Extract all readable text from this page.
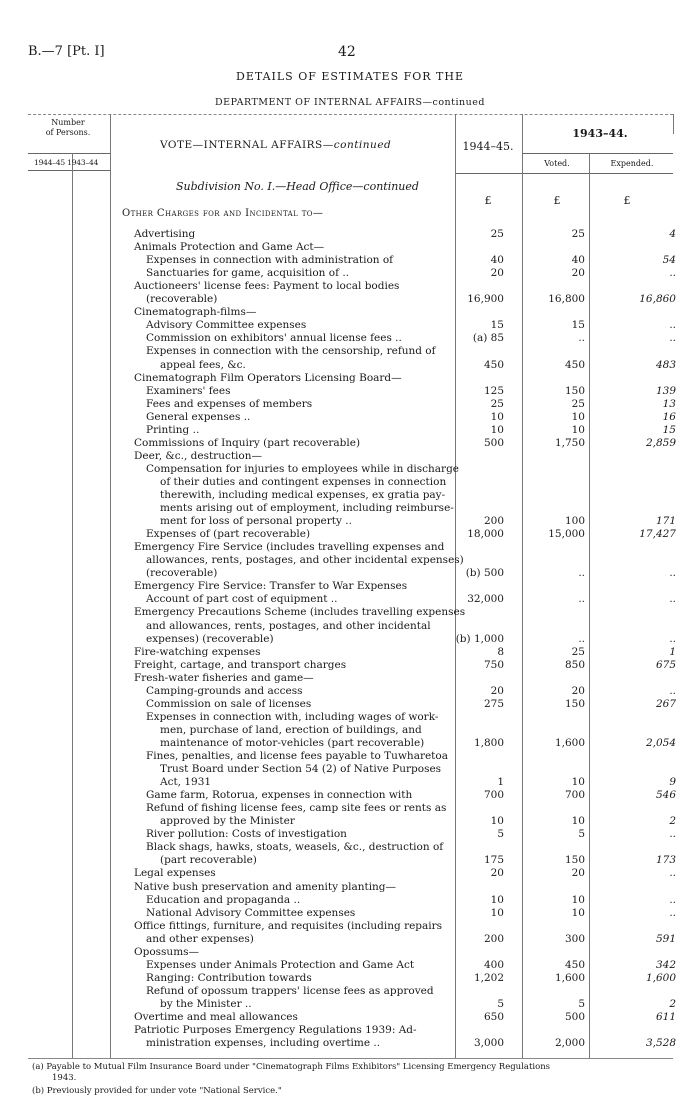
B.—7 [Pt. I]	42
DETAILS OF ESTIMATES FOR THE
DEPARTMENT OF INTERNAL AFFAIRS—continued
Number
of Persons.
1944–45 1943–44
VOTE—INTERNAL AFFAIRS—continued	1944–45.
1943–44.
Voted.	Expended.
Subdivision No. I.—Head Office—continued
Other Charges for and Incidental to—
£	£	£
Advertising	25	25	4
Animals Protection and Game Act—
Expenses in connection with administration of	40	40	54
Sanctuaries for game, acquisition of ..	20	20	..
Auctioneers' license fees: Payment to local bodies
(recoverable)	16,900	16,800	16,860
Cinematograph-films—
Advisory Committee expenses	15	15	..
Commission on exhibitors' annual license fees ..	(a) 85	..	..
Expenses in connection with the censorship, refund of
appeal fees, &c.	450	450	483
Cinematograph Film Operators Licensing Board—
Examiners' fees	125	150	139
Fees and expenses of members	25	25	13
General expenses ..	10	10	16
Printing ..	10	10	15
Commissions of Inquiry (part recoverable)	500	1,750	2,859
Deer, &c., destruction—
Compensation for injuries to employees while in discharge
of their duties and contingent expenses in connection
therewith, including medical expenses, ex gratia pay-
ments arising out of employment, including reimburse-
ment for loss of personal property ..	200	100	171
Expenses of (part recoverable)	18,000	15,000	17,427
Emergency Fire Service (includes travelling expenses and
allowances, rents, postages, and other incidental expenses)
(recoverable)	(b) 500	..	..
Emergency Fire Service: Transfer to War Expenses
Account of part cost of equipment ..	32,000	..	..
Emergency Precautions Scheme (includes travelling expenses
and allowances, rents, postages, and other incidental
expenses) (recoverable)	(b) 1,000	..	..
Fire-watching expenses	8	25	1
Freight, cartage, and transport charges	750	850	675
Fresh-water fisheries and game—
Camping-grounds and access	20	20	..
Commission on sale of licenses	275	150	267
Expenses in connection with, including wages of work-
men, purchase of land, erection of buildings, and
maintenance of motor-vehicles (part recoverable)	1,800	1,600	2,054
Fines, penalties, and license fees payable to Tuwharetoa
Trust Board under Section 54 (2) of Native Purposes
Act, 1931	1	10	9
Game farm, Rotorua, expenses in connection with	700	700	546
Refund of fishing license fees, camp site fees or rents as
approved by the Minister	10	10	2
River pollution: Costs of investigation	5	5	..
Black shags, hawks, stoats, weasels, &c., destruction of
(part recoverable)	175	150	173
Legal expenses	20	20	..
Native bush preservation and amenity planting—
Education and propaganda ..	10	10	..
National Advisory Committee expenses	10	10	..
Office fittings, furniture, and requisites (including repairs
and other expenses)	200	300	591
Opossums—
Expenses under Animals Protection and Game Act	400	450	342
Ranging: Contribution towards	1,202	1,600	1,600
Refund of opossum trappers' license fees as approved
by the Minister ..	5	5	2
Overtime and meal allowances	650	500	611
Patriotic Purposes Emergency Regulations 1939: Ad-
ministration expenses, including overtime ..	3,000	2,000	3,528
(a) Payable to Mutual Film Insurance Board under "Cinematograph Films Exhibitors" Licensing Emergency Regulations
1943.
(b) Previously provided for under vote "National Service."
